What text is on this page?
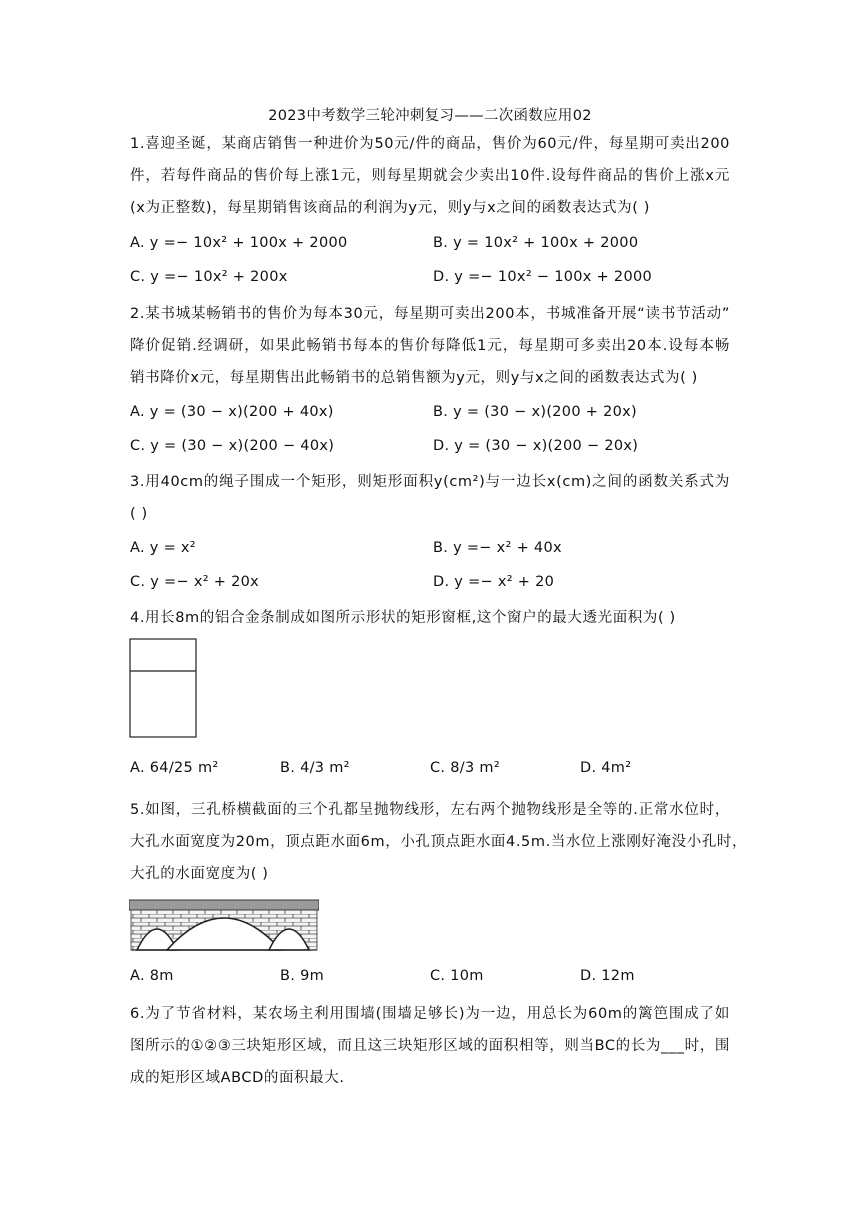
2023中考数学三轮冲刺复习——二次函数应用02
1.喜迎圣诞，某商店销售一种进价为50元/件的商品，售价为60元/件，每星期可卖出200
件，若每件商品的售价每上涨1元，则每星期就会少卖出10件.设每件商品的售价上涨x元
(x为正整数)，每星期销售该商品的利润为y元，则y与x之间的函数表达式为( )
A. y =− 10x² + 100x + 2000	B. y = 10x² + 100x + 2000
C. y =− 10x² + 200x	D. y =− 10x² − 100x + 2000
2.某书城某畅销书的售价为每本30元，每星期可卖出200本，书城准备开展“读书节活动”
降价促销.经调研，如果此畅销书每本的售价每降低1元，每星期可多卖出20本.设每本畅
销书降价x元，每星期售出此畅销书的总销售额为y元，则y与x之间的函数表达式为( )
A. y = (30 − x)(200 + 40x)	B. y = (30 − x)(200 + 20x)
C. y = (30 − x)(200 − 40x)	D. y = (30 − x)(200 − 20x)
3.用40cm的绳子围成一个矩形，则矩形面积y(cm²)与一边长x(cm)之间的函数关系式为
( )
A. y = x²	B. y =− x² + 40x
C. y =− x² + 20x	D. y =− x² + 20
4.用长8m的铝合金条制成如图所示形状的矩形窗框,这个窗户的最大透光面积为( )
A. 64/25 m²	B. 4/3 m²	C. 8/3 m²	D. 4m²
5.如图，三孔桥横截面的三个孔都呈抛物线形，左右两个抛物线形是全等的.正常水位时，
大孔水面宽度为20m，顶点距水面6m，小孔顶点距水面4.5m.当水位上涨刚好淹没小孔时，
大孔的水面宽度为( )
A. 8m	B. 9m	C. 10m	D. 12m
6.为了节省材料，某农场主利用围墙(围墙足够长)为一边，用总长为60m的篱笆围成了如
图所示的①②③三块矩形区域，而且这三块矩形区域的面积相等，则当BC的长为___时，围
成的矩形区域ABCD的面积最大.
